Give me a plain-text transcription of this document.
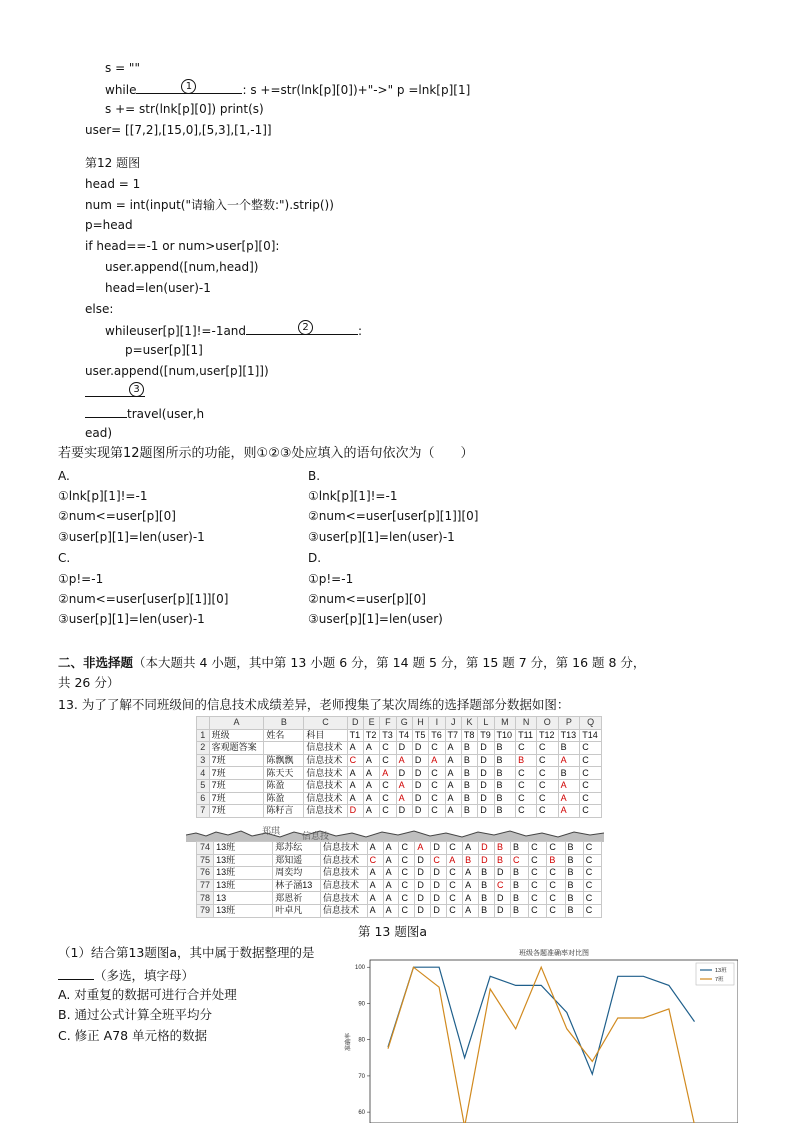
s = ""
while	1	: s +=str(lnk[p][0])+"->" p =lnk[p][1]
s += str(lnk[p][0]) print(s)
user= [[7,2],[15,0],[5,3],[1,-1]]
第12 题图
head = 1
num = int(input("请输入一个整数:").strip())
p=head
if head==-1 or num>user[p][0]:
user.append([num,head])
head=len(user)-1
else:
whileuser[p][1]!=-1and	2	:
p=user[p][1]
user.append([num,user[p][1]])
3
travel(user,h
ead)
若要实现第12题图所示的功能，则①②③处应填入的语句依次为（　　）
A.
①lnk[p][1]!=-1
②num<=user[p][0]
③user[p][1]=len(user)-1
B.
①lnk[p][1]!=-1
②num<=user[user[p][1]][0]
③user[p][1]=len(user)-1
C.
①p!=-1
②num<=user[user[p][1]][0]
③user[p][1]=len(user)-1
D.
①p!=-1
②num<=user[p][0]
③user[p][1]=len(user)
二、非选择题（本大题共 4 小题，其中第 13 小题 6 分，第 14 题 5 分，第 15 题 7 分，第 16 题 8 分，
共 26 分）
13. 为了了解不同班级间的信息技术成绩差异，老师搜集了某次周练的选择题部分数据如图：
	A	B	C	D	E	F	G	H	I	J	K	L	M	N	O	P	Q
1	班级	姓名	科目	T1	T2	T3	T4	T5	T6	T7	T8	T9	T10	T11	T12	T13	T14
2	客观题答案		信息技术	A	A	C	D	D	C	A	B	D	B	C	C	B	C
3	7班	陈飘飘	信息技术	C	A	C	A	D	A	A	B	D	B	B	C	A	C
4	7班	陈天天	信息技术	A	A	A	D	D	C	A	B	D	B	C	C	B	C
5	7班	陈盈	信息技术	A	A	C	A	D	C	A	B	D	B	C	C	A	C
6	7班	陈盈	信息技术	A	A	C	A	D	C	A	B	D	B	C	C	A	C
7	7班	陈籽言	信息技术	D	A	C	D	D	C	A	B	D	B	C	C	A	C
郑琪 信息技
74	13班	郑苏纭	信息技术	A	A	C	A	D	C	A	D	B	B	C	C	B	C
75	13班	郑知遥	信息技术	C	A	C	D	C	A	B	D	B	C	C	B	B	C
76	13班	周奕均	信息技术	A	A	C	D	D	C	A	B	D	B	C	C	B	C
77	13班	林子涵13	信息技术	A	A	C	D	D	C	A	B	C	B	C	C	B	C
78	13	郑恩祈	信息技术	A	A	C	D	D	C	A	B	D	B	C	C	B	C
79	13班	叶卓凡	信息技术	A	A	C	D	D	C	A	B	D	B	C	C	B	C
第 13 题图a
（1）结合第13题图a，其中属于数据整理的是
（多选，填字母）
A. 对重复的数据可进行合并处理
B. 通过公式计算全班平均分
C. 修正 A78 单元格的数据
班级各题准确率对比图
准确率
60
70
80
90
100	13班
7班
